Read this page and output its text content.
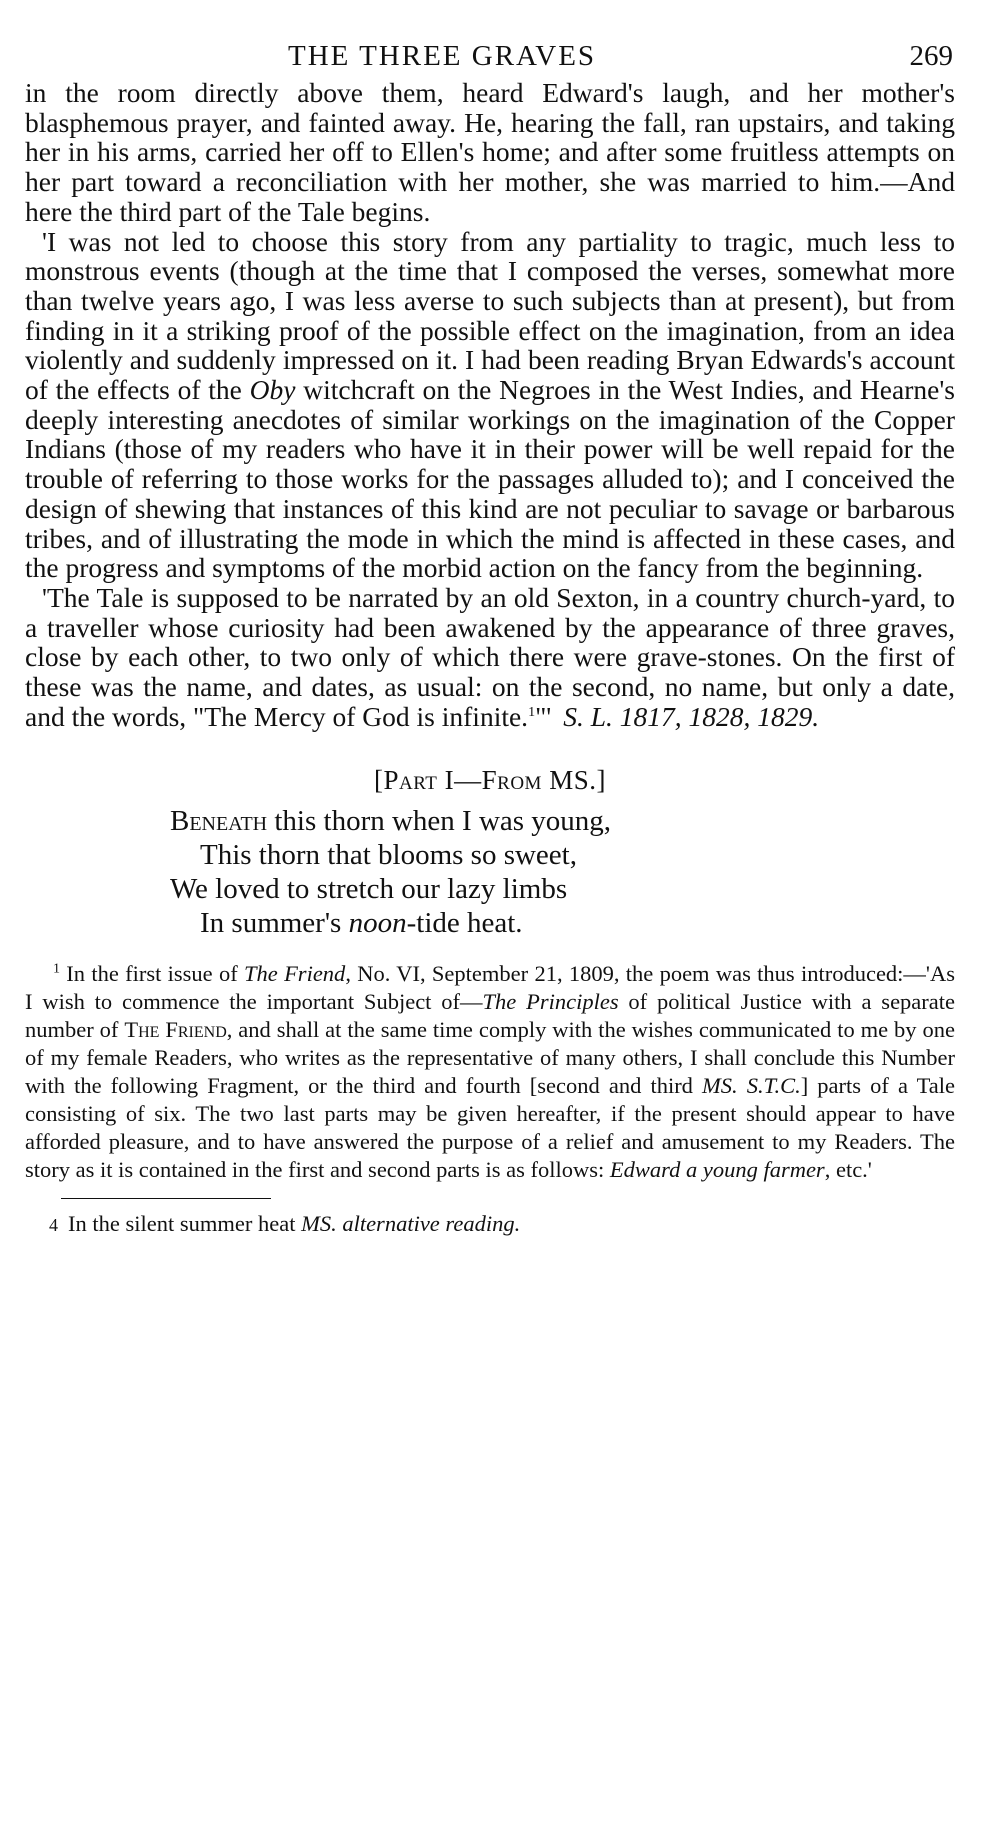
THE THREE GRAVES	269

in the room directly above them, heard Edward's laugh, and her mother's blasphemous prayer, and fainted away. He, hearing the fall, ran upstairs, and taking her in his arms, carried her off to Ellen's home; and after some fruitless attempts on her part toward a reconciliation with her mother, she was married to him.—And here the third part of the Tale begins.

'I was not led to choose this story from any partiality to tragic, much less to monstrous events (though at the time that I composed the verses, somewhat more than twelve years ago, I was less averse to such subjects than at present), but from finding in it a striking proof of the possible effect on the imagination, from an idea violently and suddenly impressed on it. I had been reading Bryan Edwards's account of the effects of the Oby witchcraft on the Negroes in the West Indies, and Hearne's deeply interesting anecdotes of similar workings on the imagination of the Copper Indians (those of my readers who have it in their power will be well repaid for the trouble of referring to those works for the passages alluded to); and I conceived the design of shewing that instances of this kind are not peculiar to savage or barbarous tribes, and of illustrating the mode in which the mind is affected in these cases, and the progress and symptoms of the morbid action on the fancy from the beginning.

'The Tale is supposed to be narrated by an old Sexton, in a country church-yard, to a traveller whose curiosity had been awakened by the appearance of three graves, close by each other, to two only of which there were grave-stones. On the first of these was the name, and dates, as usual: on the second, no name, but only a date, and the words, "The Mercy of God is infinite.$^1$"' S. L. 1817, 1828, 1829.

[Part I—From MS.]
Beneath this thorn when I was young,
This thorn that blooms so sweet,
We loved to stretch our lazy limbs
In summer's noon-tide heat.
$^1$ In the first issue of The Friend, No. VI, September 21, 1809, the poem was thus introduced:—'As I wish to commence the important Subject of—The Principles of political Justice with a separate number of The Friend, and shall at the same time comply with the wishes communicated to me by one of my female Readers, who writes as the representative of many others, I shall conclude this Number with the following Fragment, or the third and fourth [second and third MS. S.T.C.] parts of a Tale consisting of six. The two last parts may be given hereafter, if the present should appear to have afforded pleasure, and to have answered the purpose of a relief and amusement to my Readers. The story as it is contained in the first and second parts is as follows: Edward a young farmer, etc.'
4 In the silent summer heat MS. alternative reading.
